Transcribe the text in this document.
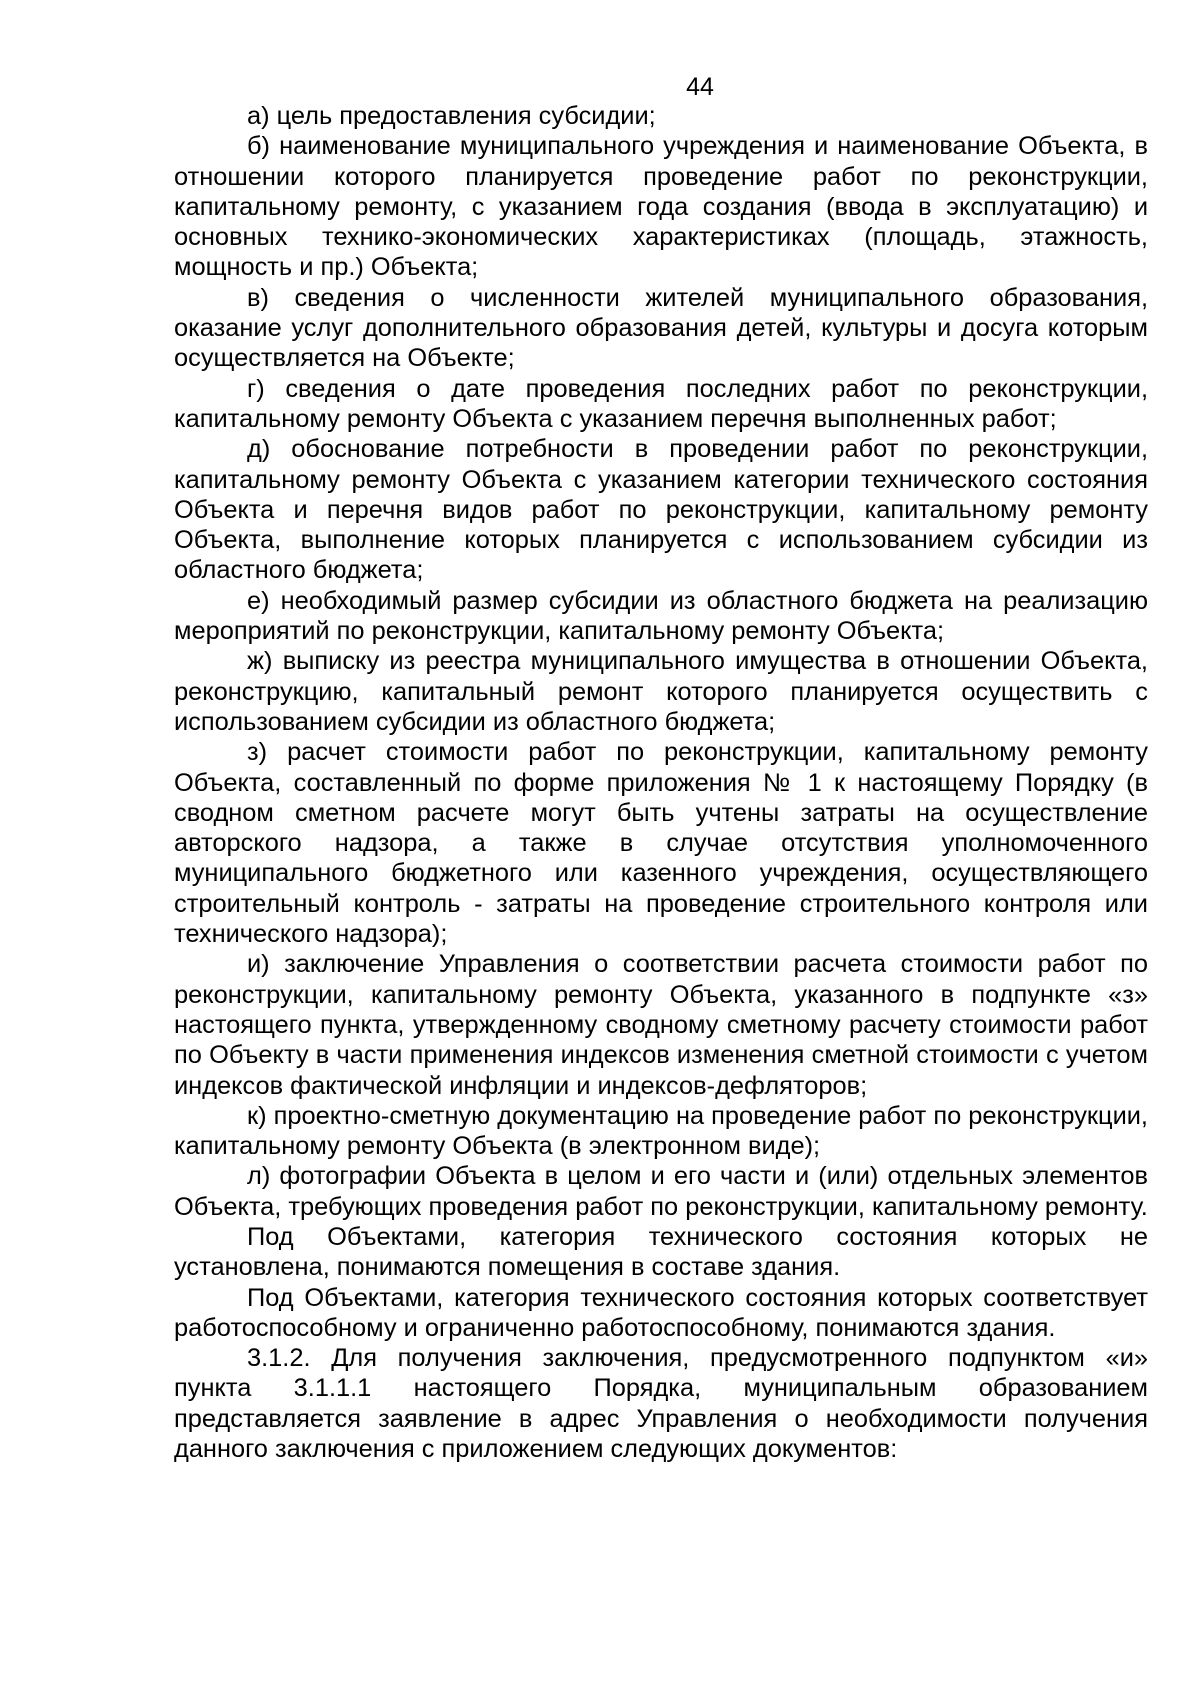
44

а) цель предоставления субсидии;

б) наименование муниципального учреждения и наименование Объекта, в отношении которого планируется проведение работ по реконструкции, капитальному ремонту, с указанием года создания (ввода в эксплуатацию) и основных технико-экономических характеристиках (площадь, этажность, мощность и пр.) Объекта;

в) сведения о численности жителей муниципального образования, оказание услуг дополнительного образования детей, культуры и досуга которым осуществляется на Объекте;

г) сведения о дате проведения последних работ по реконструкции, капитальному ремонту Объекта с указанием перечня выполненных работ;

д) обоснование потребности в проведении работ по реконструкции, капитальному ремонту Объекта с указанием категории технического состояния Объекта и перечня видов работ по реконструкции, капитальному ремонту Объекта, выполнение которых планируется с использованием субсидии из областного бюджета;

е) необходимый размер субсидии из областного бюджета на реализацию мероприятий по реконструкции, капитальному ремонту Объекта;

ж) выписку из реестра муниципального имущества в отношении Объекта, реконструкцию, капитальный ремонт которого планируется осуществить с использованием субсидии из областного бюджета;

з) расчет стоимости работ по реконструкции, капитальному ремонту Объекта, составленный по форме приложения № 1 к настоящему Порядку (в сводном сметном расчете могут быть учтены затраты на осуществление авторского надзора, а также в случае отсутствия уполномоченного муниципального бюджетного или казенного учреждения, осуществляющего строительный контроль - затраты на проведение строительного контроля или технического надзора);

и) заключение Управления о соответствии расчета стоимости работ по реконструкции, капитальному ремонту Объекта, указанного в подпункте «з» настоящего пункта, утвержденному сводному сметному расчету стоимости работ по Объекту в части применения индексов изменения сметной стоимости с учетом индексов фактической инфляции и индексов-дефляторов;

к) проектно-сметную документацию на проведение работ по реконструкции, капитальному ремонту Объекта (в электронном виде);

л) фотографии Объекта в целом и его части и (или) отдельных элементов Объекта, требующих проведения работ по реконструкции, капитальному ремонту.

Под Объектами, категория технического состояния которых не установлена, понимаются помещения в составе здания.

Под Объектами, категория технического состояния которых соответствует работоспособному и ограниченно работоспособному, понимаются здания.

3.1.2. Для получения заключения, предусмотренного подпунктом «и» пункта 3.1.1.1 настоящего Порядка, муниципальным образованием представляется заявление в адрес Управления о необходимости получения данного заключения с приложением следующих документов:
